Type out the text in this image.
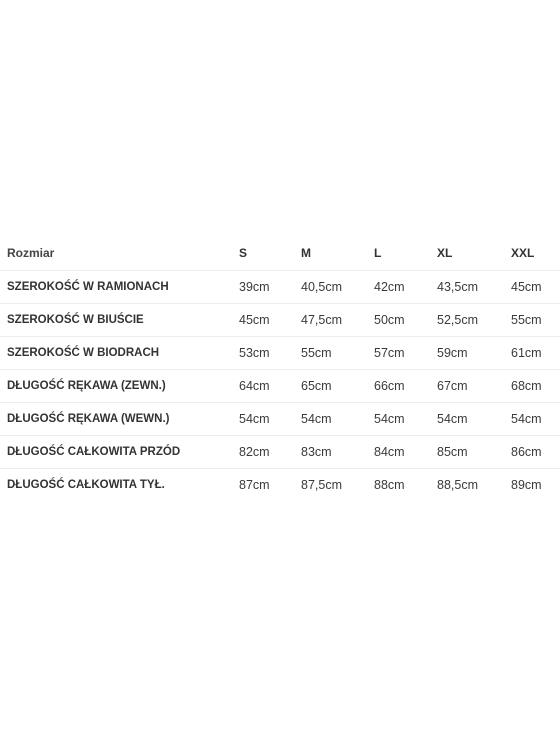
Rozmiar	S	M	L	XL	XXL
SZEROKOŚĆ W RAMIONACH	39cm	40,5cm	42cm	43,5cm	45cm
SZEROKOŚĆ W BIUŚCIE	45cm	47,5cm	50cm	52,5cm	55cm
SZEROKOŚĆ W BIODRACH	53cm	55cm	57cm	59cm	61cm
DŁUGOŚĆ RĘKAWA (ZEWN.)	64cm	65cm	66cm	67cm	68cm
DŁUGOŚĆ RĘKAWA (WEWN.)	54cm	54cm	54cm	54cm	54cm
DŁUGOŚĆ CAŁKOWITA PRZÓD	82cm	83cm	84cm	85cm	86cm
DŁUGOŚĆ CAŁKOWITA TYŁ.	87cm	87,5cm	88cm	88,5cm	89cm
